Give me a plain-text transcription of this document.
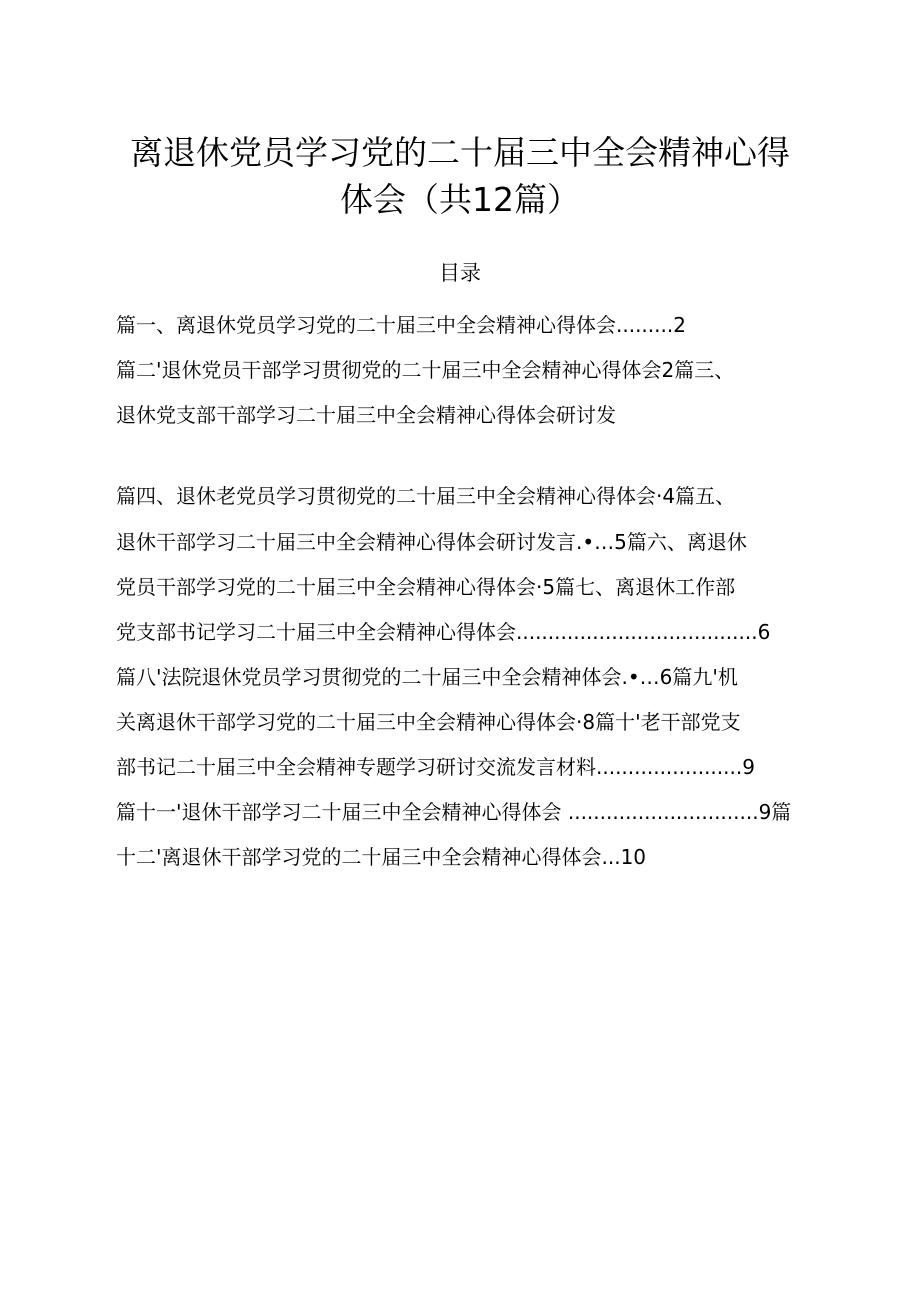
离退休党员学习党的二十届三中全会精神心得
体会（共12篇）
目录
篇一、离退休党员学习党的二十届三中全会精神心得体会.........2
篇二'退休党员干部学习贯彻党的二十届三中全会精神心得体会2篇三、
退休党支部干部学习二十届三中全会精神心得体会研讨发
篇四、退休老党员学习贯彻党的二十届三中全会精神心得体会·4篇五、
退休干部学习二十届三中全会精神心得体会研讨发言.•…5篇六、离退休
党员干部学习党的二十届三中全会精神心得体会·5篇七、离退休工作部
党支部书记学习二十届三中全会精神心得体会......................................6
篇八'法院退休党员学习贯彻党的二十届三中全会精神体会.•…6篇九'机
关离退休干部学习党的二十届三中全会精神心得体会·8篇十'老干部党支
部书记二十届三中全会精神专题学习研讨交流发言材料.......................9
篇十一'退休干部学习二十届三中全会精神心得体会 ..............................9篇
十二'离退休干部学习党的二十届三中全会精神心得体会...10
